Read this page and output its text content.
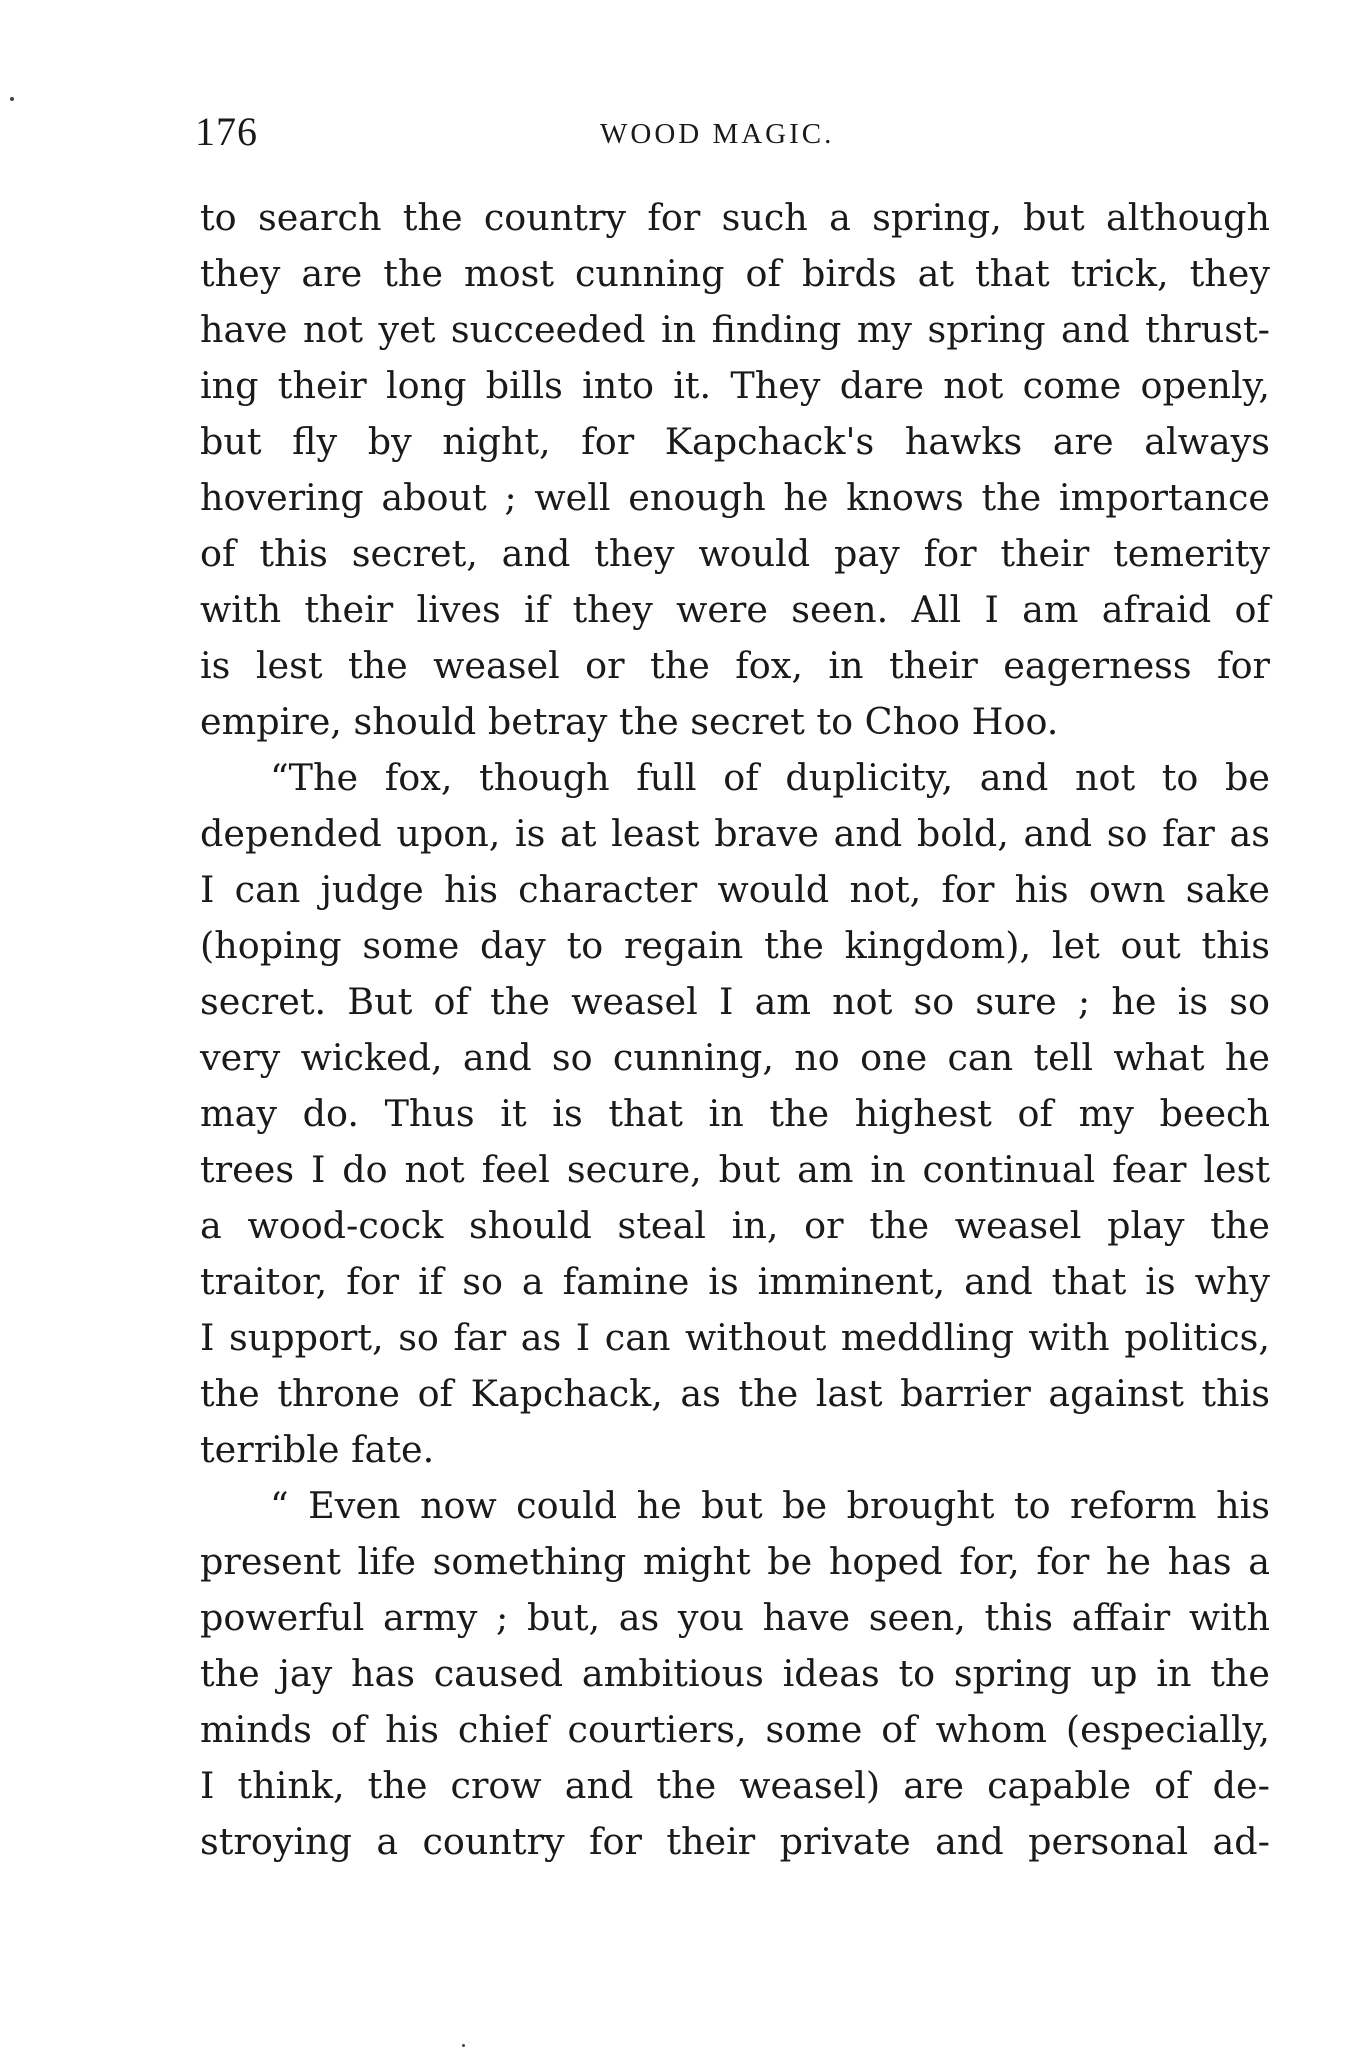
176	WOOD MAGIC.
to search the country for such a spring, but although
they are the most cunning of birds at that trick, they
have not yet succeeded in finding my spring and thrust-
ing their long bills into it. They dare not come openly,
but fly by night, for Kapchack's hawks are always
hovering about ; well enough he knows the importance
of this secret, and they would pay for their temerity
with their lives if they were seen. All I am afraid of
is lest the weasel or the fox, in their eagerness for
empire, should betray the secret to Choo Hoo.
“The fox, though full of duplicity, and not to be
depended upon, is at least brave and bold, and so far as
I can judge his character would not, for his own sake
(hoping some day to regain the kingdom), let out this
secret. But of the weasel I am not so sure ; he is so
very wicked, and so cunning, no one can tell what he
may do. Thus it is that in the highest of my beech
trees I do not feel secure, but am in continual fear lest
a wood-cock should steal in, or the weasel play the
traitor, for if so a famine is imminent, and that is why
I support, so far as I can without meddling with politics,
the throne of Kapchack, as the last barrier against this
terrible fate.
“ Even now could he but be brought to reform his
present life something might be hoped for, for he has a
powerful army ; but, as you have seen, this affair with
the jay has caused ambitious ideas to spring up in the
minds of his chief courtiers, some of whom (especially,
I think, the crow and the weasel) are capable of de-
stroying a country for their private and personal ad-
